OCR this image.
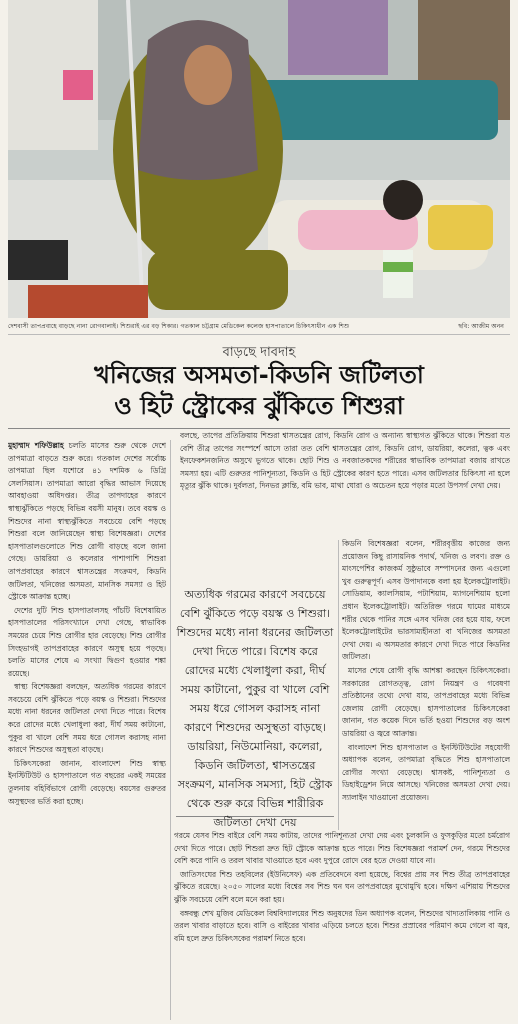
দেশবাসী তাপপ্রবাহে বাড়ছে নানা রোগবালাই। শিশুরাই এর বড় শিকার। গতকাল চট্টগ্রাম মেডিকেল কলেজ হাসপাতালে চিকিৎসাধীন এক শিশু	ছবি: আজীম অনন
বাড়ছে দাবদাহ
খনিজের অসমতা-কিডনি জটিলতা
ও হিট স্ট্রোকের ঝুঁকিতে শিশুরা

মুহাম্মাদ শফিউল্লাহ চলতি মাসের শুরু থেকে দেশে তাপমাত্রা বাড়তে শুরু করে। গতকাল দেশের সর্বোচ্চ তাপমাত্রা ছিল যশোরে ৪১ দশমিক ৬ ডিগ্রি সেলসিয়াস। তাপমাত্রা আরো বৃদ্ধির আভাস দিয়েছে আবহাওয়া অধিদপ্তর। তীব্র তাপদাহের কারণে স্বাস্থ্যঝুঁকিতে পড়ছে বিভিন্ন বয়সী মানুষ। তবে বয়স্ক ও শিশুদের নানা স্বাস্থ্যঝুঁকিতে সবচেয়ে বেশি পড়ছে শিশুরা বলে জানিয়েছেন স্বাস্থ্য বিশেষজ্ঞরা। দেশের হাসপাতালগুলোতে শিশু রোগী বাড়ছে বলে জানা গেছে। ডায়রিয়া ও কলেরার পাশাপাশি শিশুরা তাপপ্রবাহের কারণে শ্বাসতন্ত্রের সংক্রমণ, কিডনি জটিলতা, খনিজের অসমতা, মানসিক সমস্যা ও হিট স্ট্রোকে আক্রান্ত হচ্ছে।

দেশের দুটি শিশু হাসপাতালসহ পাঁচটি বিশেষায়িত হাসপাতালের পরিসংখ্যানে দেখা গেছে, স্বাভাবিক সময়ের চেয়ে শিশু রোগীর হার বেড়েছে। শিশু রোগীর সিংহভাগই তাপপ্রবাহের কারণে অসুস্থ হয়ে পড়ছে। চলতি মাসের শেষে এ সংখ্যা দ্বিগুণ হওয়ার শঙ্কা রয়েছে।

স্বাস্থ্য বিশেষজ্ঞরা বলছেন, অত্যধিক গরমের কারণে সবচেয়ে বেশি ঝুঁকিতে পড়ে বয়স্ক ও শিশুরা। শিশুদের মধ্যে নানা ধরনের জটিলতা দেখা দিতে পারে। বিশেষ করে রোদের মধ্যে খেলাধুলা করা, দীর্ঘ সময় কাটানো, পুকুর বা খালে বেশি সময় ধরে গোসল করাসহ নানা কারণে শিশুদের অসুস্থতা বাড়ছে।

চিকিৎসকেরা জানান, বাংলাদেশ শিশু স্বাস্থ্য ইনস্টিটিউট ও হাসপাতালে গত বছরের একই সময়ের তুলনায় বহির্বিভাগে রোগী বেড়েছে। বয়সের গুরুতর অসুস্থদের ভর্তি করা হচ্ছে।

বলছে, তাপের প্রতিক্রিয়ায় শিশুরা শ্বাসতন্ত্রের রোগ, কিডনি রোগ ও অন্যান্য স্বাস্থ্যগত ঝুঁকিতে থাকে। শিশুরা যত বেশি তীব্র তাপের সংস্পর্শে আসে তারা তত বেশি শ্বাসতন্ত্রের রোগ, কিডনি রোগ, ডায়রিয়া, কলেরা, ত্বক এবং ইনফেকশনজনিত অসুখে ভুগতে থাকে। ছোট শিশু ও নবজাতকদের শরীরের স্বাভাবিক তাপমাত্রা বজায় রাখতে সমস্যা হয়। এটি গুরুতর পানিশূন্যতা, কিডনি ও হিট স্ট্রোকের কারণ হতে পারে। এসব জটিলতার চিকিৎসা না হলে মৃত্যুর ঝুঁকি থাকে। দুর্বলতা, দিনভর ক্লান্তি, বমি ভাব, মাথা ঘোরা ও অচেতন হয়ে পড়ার মতো উপসর্গ দেখা দেয়।

অত্যধিক গরমের কারণে সবচেয়ে বেশি ঝুঁকিতে পড়ে বয়স্ক ও শিশুরা। শিশুদের মধ্যে নানা ধরনের জটিলতা দেখা দিতে পারে। বিশেষ করে রোদের মধ্যে খেলাধুলা করা, দীর্ঘ সময় কাটানো, পুকুর বা খালে বেশি সময় ধরে গোসল করাসহ নানা কারণে শিশুদের অসুস্থতা বাড়ছে। ডায়রিয়া, নিউমোনিয়া, কলেরা, কিডনি জটিলতা, শ্বাসতন্ত্রের সংক্রমণ, মানসিক সমস্যা, হিট স্ট্রোক থেকে শুরু করে বিভিন্ন শারীরিক জটিলতা দেখা দেয়

কিডনি বিশেষজ্ঞরা বলেন, শরীরবৃত্তীয় কাজের জন্য প্রয়োজন কিছু রাসায়নিক পদার্থ, খনিজ ও লবণ। রক্ত ও মাংসপেশির কাজকর্ম সুষ্ঠুভাবে সম্পাদনের জন্য এগুলো খুব গুরুত্বপূর্ণ। এসব উপাদানকে বলা হয় ইলেকট্রোলাইট। সোডিয়াম, ক্যালসিয়াম, পটাশিয়াম, ম্যাগনেশিয়াম হলো প্রধান ইলেকট্রোলাইট। অতিরিক্ত গরমে ঘামের মাধ্যমে শরীর থেকে পানির সঙ্গে এসব খনিজ বের হয়ে যায়, ফলে ইলেকট্রোলাইটের ভারসাম্যহীনতা বা খনিজের অসমতা দেখা দেয়। এ অসমতার কারণে দেখা দিতে পারে কিডনির জটিলতা।

মাসের শেষে রোগী বৃদ্ধি আশঙ্কা করছেন চিকিৎসকেরা। সরকারের রোগতত্ত্ব, রোগ নিয়ন্ত্রণ ও গবেষণা প্রতিষ্ঠানের তথ্যে দেখা যায়, তাপপ্রবাহের মধ্যে বিভিন্ন জেলায় রোগী বেড়েছে। হাসপাতালের চিকিৎসকেরা জানান, গত কয়েক দিনে ভর্তি হওয়া শিশুদের বড় অংশ ডায়রিয়া ও জ্বরে আক্রান্ত।

বাংলাদেশ শিশু হাসপাতাল ও ইনস্টিটিউটের সহযোগী অধ্যাপক বলেন, তাপমাত্রা বৃদ্ধিতে শিশু হাসপাতালে রোগীর সংখ্যা বেড়েছে। শ্বাসকষ্ট, পানিশূন্যতা ও ডিহাইড্রেশন নিয়ে আসছে। খনিজের অসমতা দেখা দেয়। স্যালাইন খাওয়ানো প্রয়োজন।

গরমে যেসব শিশু বাইরে বেশি সময় কাটায়, তাদের পানিশূন্যতা দেখা দেয় এবং চুলকানি ও ফুসকুড়ির মতো চর্মরোগ দেখা দিতে পারে। ছোট শিশুরা দ্রুত হিট স্ট্রোকে আক্রান্ত হতে পারে। শিশু বিশেষজ্ঞরা পরামর্শ দেন, গরমে শিশুদের বেশি করে পানি ও তরল খাবার খাওয়াতে হবে এবং দুপুরে রোদে বের হতে দেওয়া যাবে না।

জাতিসংঘের শিশু তহবিলের (ইউনিসেফ) এক প্রতিবেদনে বলা হয়েছে, বিশ্বের প্রায় সব শিশু তীব্র তাপপ্রবাহের ঝুঁকিতে রয়েছে। ২০৫০ সালের মধ্যে বিশ্বের সব শিশু ঘন ঘন তাপপ্রবাহের মুখোমুখি হবে। দক্ষিণ এশিয়ায় শিশুদের ঝুঁকি সবচেয়ে বেশি বলে মনে করা হয়।

বঙ্গবন্ধু শেখ মুজিব মেডিকেল বিশ্ববিদ্যালয়ের শিশু অনুষদের ডিন অধ্যাপক বলেন, শিশুদের খাদ্যতালিকায় পানি ও তরল খাবার বাড়াতে হবে। বাসি ও বাইরের খাবার এড়িয়ে চলতে হবে। শিশুর প্রস্রাবের পরিমাণ কমে গেলে বা জ্বর, বমি হলে দ্রুত চিকিৎসকের পরামর্শ নিতে হবে।
